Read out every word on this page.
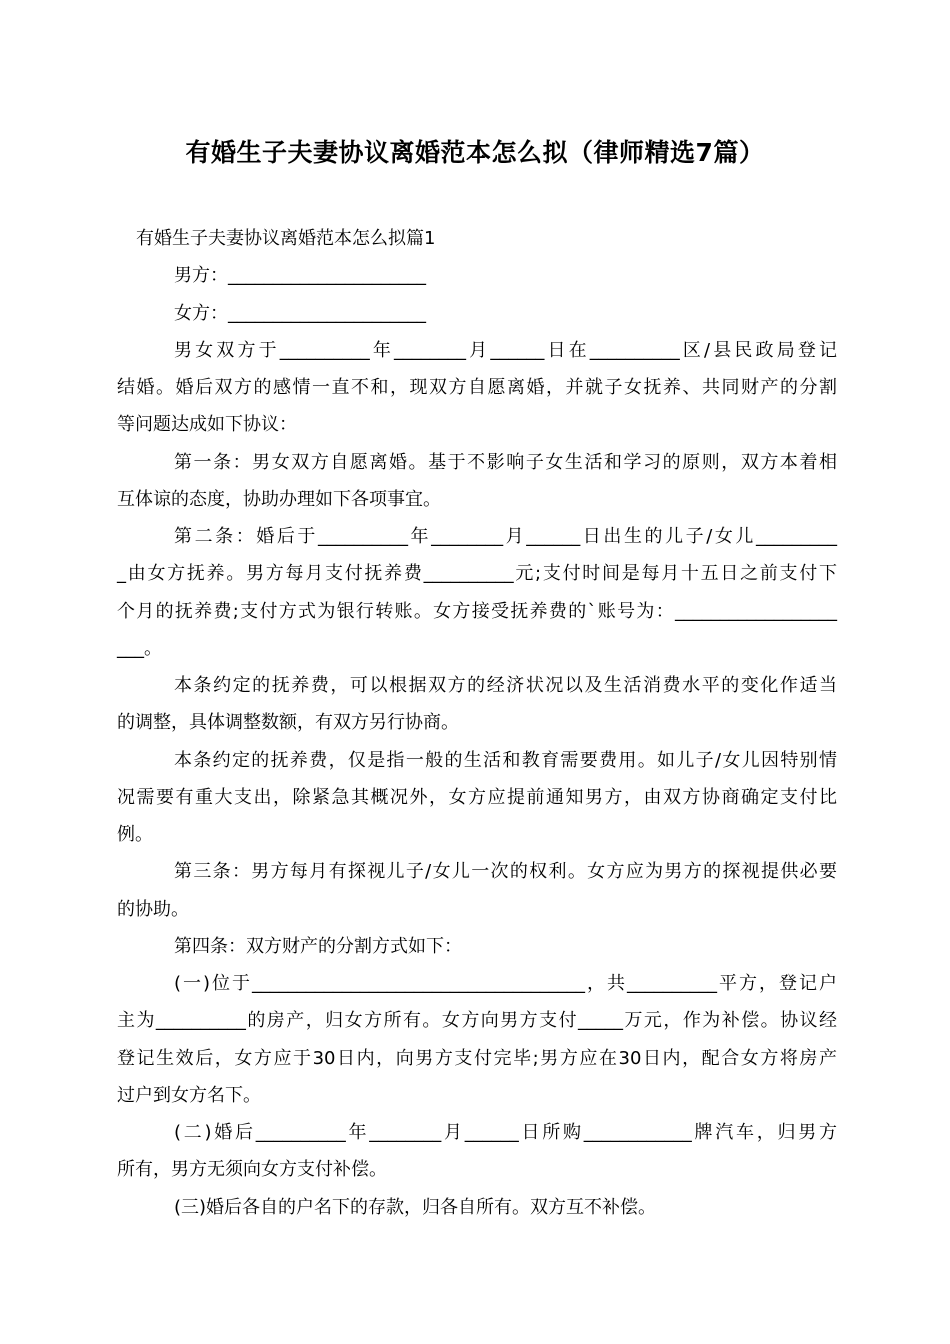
有婚生子夫妻协议离婚范本怎么拟（律师精选7篇）
有婚生子夫妻协议离婚范本怎么拟篇1
男方：______________________
女方：______________________
男女双方于__________年________月______日在__________区/县民政局登记
结婚。婚后双方的感情一直不和，现双方自愿离婚，并就子女抚养、共同财产的分割
等问题达成如下协议：
第一条：男女双方自愿离婚。基于不影响子女生活和学习的原则，双方本着相
互体谅的态度，协助办理如下各项事宜。
第二条：婚后于__________年________月______日出生的儿子/女儿_________
_由女方抚养。男方每月支付抚养费__________元;支付时间是每月十五日之前支付下
个月的抚养费;支付方式为银行转账。女方接受抚养费的`账号为：__________________
___。
本条约定的抚养费，可以根据双方的经济状况以及生活消费水平的变化作适当
的调整，具体调整数额，有双方另行协商。
本条约定的抚养费，仅是指一般的生活和教育需要费用。如儿子/女儿因特别情
况需要有重大支出，除紧急其概况外，女方应提前通知男方，由双方协商确定支付比
例。
第三条：男方每月有探视儿子/女儿一次的权利。女方应为男方的探视提供必要
的协助。
第四条：双方财产的分割方式如下：
(一)位于_____________________________________，共__________平方，登记户
主为__________的房产，归女方所有。女方向男方支付_____万元，作为补偿。协议经
登记生效后，女方应于30日内，向男方支付完毕;男方应在30日内，配合女方将房产
过户到女方名下。
(二)婚后__________年________月______日所购____________牌汽车，归男方
所有，男方无须向女方支付补偿。
(三)婚后各自的户名下的存款，归各自所有。双方互不补偿。
